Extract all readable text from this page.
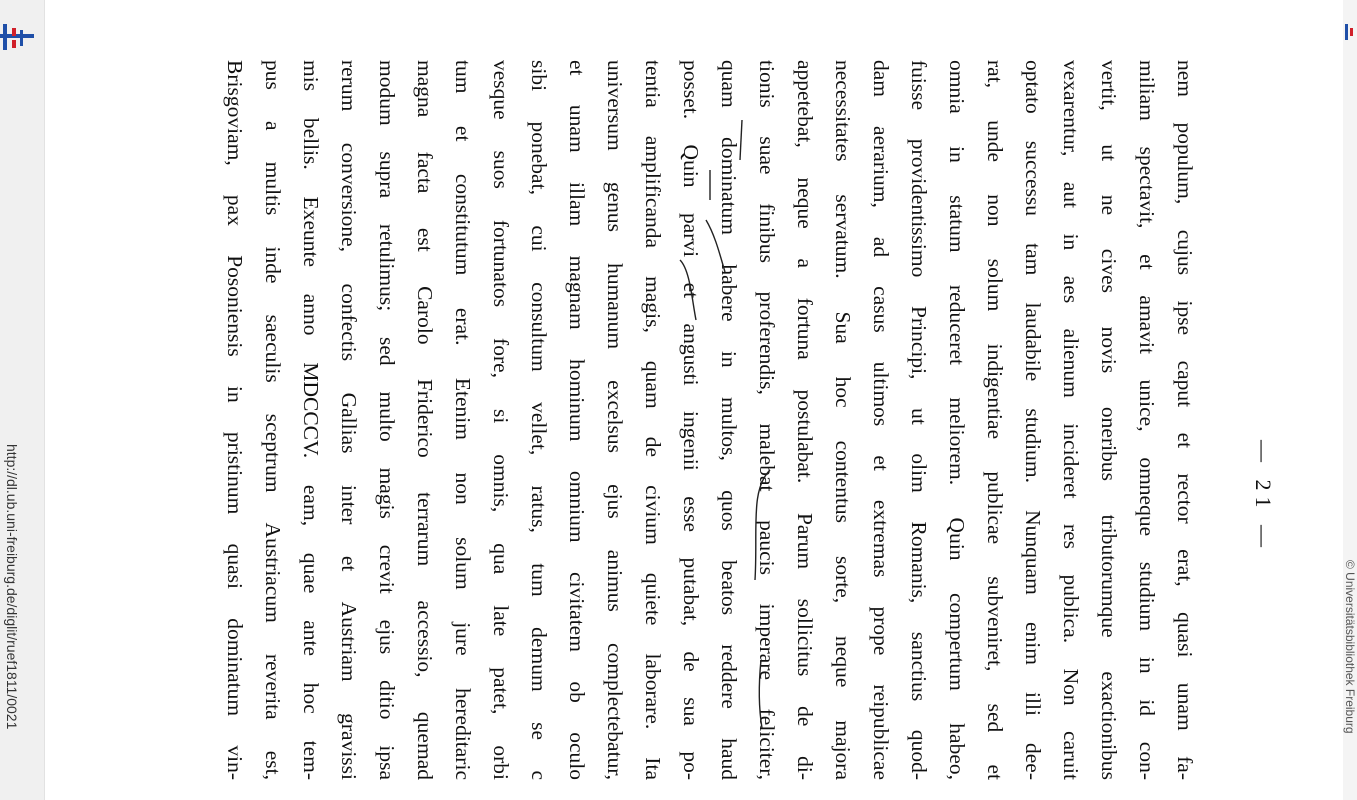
http://dl.ub.uni-freiburg.de/diglit/ruef1811/0021	© Universitätsbibliothek Freiburg
— 21 —
nem populum, cujus ipse caput et rector erat, quasi unam fa-
miliam spectavit, et amavit unice, omneque studium in id con-
vertit, ut ne cives novis oneribus tributorumque exactionibus
vexarentur, aut in aes alienum incideret res publica. Non caruit
optato successu tam laudabile studium. Nunquam enim illi dee-
rat, unde non solum indigentiae publicae subveniret, sed et
omnia in statum reduceret meliorem. Quin compertum habeo,
fuisse providentissimo Principi, ut olim Romanis, sanctius quod-
dam aerarium, ad casus ultimos et extremas prope reipublicae
necessitates servatum. Sua hoc contentus sorte, neque majora
appetebat, neque a fortuna postulabat. Parum sollicitus de di-
tionis suae finibus proferendis, malebat paucis imperare feliciter,
quam dominatum habere in multos, quos beatos reddere haud
posset. Quin parvi et angusti ingenii esse putabat, de sua po-
tentia amplificanda magis, quam de civium quiete laborare. Ita
universum genus humanum excelsus ejus animus complectebatur,
et unam illam magnam hominum omnium civitatem ob oculo
sibi ponebat, cui consultum vellet, ratus, tum demum se c
vesque suos fortunatos fore, si omnis, qua late patet, orbi
tum et constitutum erat. Etenim non solum jure hereditaric
magna facta est Carolo Friderico terrarum accessio, quemad
modum supra retulimus; sed multo magis crevit ejus ditio ipsa
rerum conversione, confectis Gallias inter et Austriam gravissi
mis bellis. Exeunte anno MDCCCV. eam, quae ante hoc tem-
pus a multis inde saeculis sceptrum Austriacum reverita est,
Brisgoviam, pax Posoniensis in pristinum quasi dominatum vin-
